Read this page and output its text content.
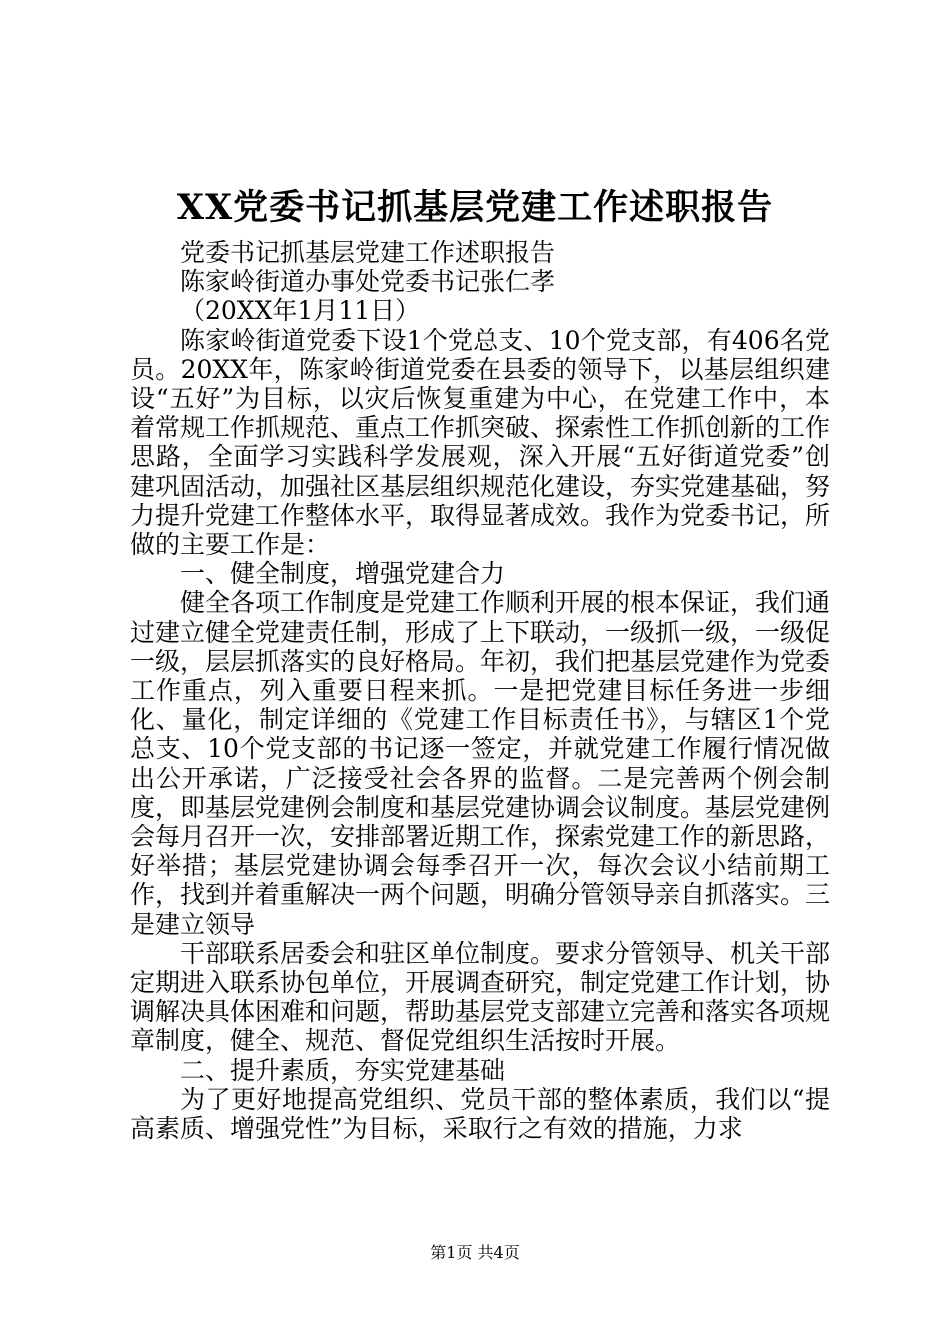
XX党委书记抓基层党建工作述职报告

党委书记抓基层党建工作述职报告

陈家岭街道办事处党委书记张仁孝

（20XX年1月11日）

陈家岭街道党委下设1个党总支、10个党支部，有406名党员。20XX年，陈家岭街道党委在县委的领导下，以基层组织建设“五好”为目标，以灾后恢复重建为中心，在党建工作中，本着常规工作抓规范、重点工作抓突破、探索性工作抓创新的工作思路，全面学习实践科学发展观，深入开展“五好街道党委”创建巩固活动，加强社区基层组织规范化建设，夯实党建基础，努力提升党建工作整体水平，取得显著成效。我作为党委书记，所做的主要工作是：

一、健全制度，增强党建合力

健全各项工作制度是党建工作顺利开展的根本保证，我们通过建立健全党建责任制，形成了上下联动，一级抓一级，一级促一级，层层抓落实的良好格局。年初，我们把基层党建作为党委工作重点，列入重要日程来抓。一是把党建目标任务进一步细化、量化，制定详细的《党建工作目标责任书》，与辖区1个党总支、10个党支部的书记逐一签定，并就党建工作履行情况做出公开承诺，广泛接受社会各界的监督。二是完善两个例会制度，即基层党建例会制度和基层党建协调会议制度。基层党建例会每月召开一次，安排部署近期工作，探索党建工作的新思路，好举措；基层党建协调会每季召开一次，每次会议小结前期工作，找到并着重解决一两个问题，明确分管领导亲自抓落实。三是建立领导

干部联系居委会和驻区单位制度。要求分管领导、机关干部定期进入联系协包单位，开展调查研究，制定党建工作计划，协调解决具体困难和问题，帮助基层党支部建立完善和落实各项规章制度，健全、规范、督促党组织生活按时开展。

二、提升素质，夯实党建基础

为了更好地提高党组织、党员干部的整体素质，我们以“提高素质、增强党性”为目标，采取行之有效的措施，力求

第1页 共4页
